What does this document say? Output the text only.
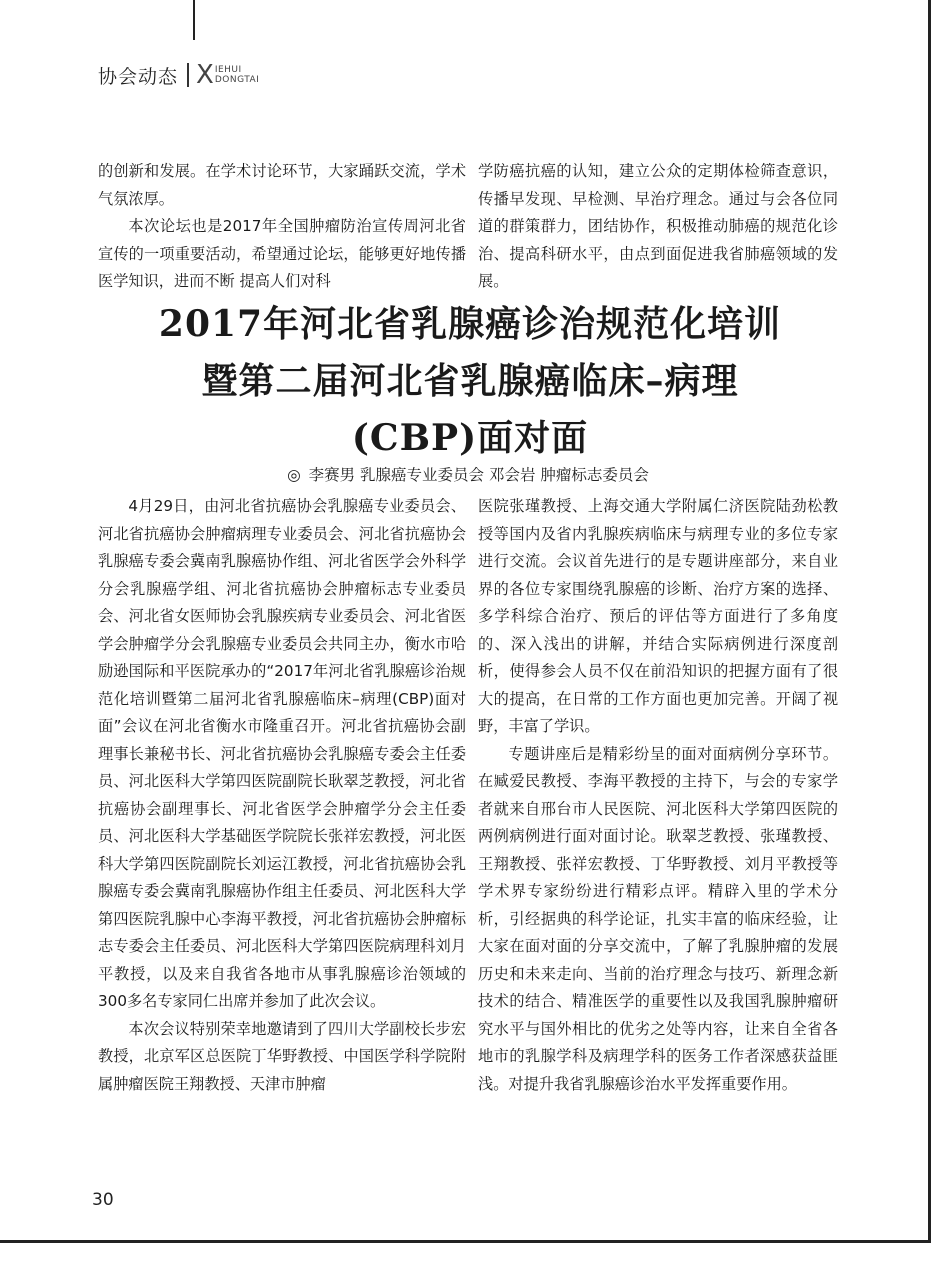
协会动态 X IEHUI
DONGTAI

的创新和发展。在学术讨论环节，大家踊跃交流，学术气氛浓厚。

本次论坛也是2017年全国肿瘤防治宣传周河北省宣传的一项重要活动，希望通过论坛，能够更好地传播医学知识，进而不断 提高人们对科

学防癌抗癌的认知，建立公众的定期体检筛查意识，传播早发现、早检测、早治疗理念。通过与会各位同道的群策群力，团结协作，积极推动肺癌的规范化诊治、提高科研水平，由点到面促进我省肺癌领域的发展。

2017年河北省乳腺癌诊治规范化培训
暨第二届河北省乳腺癌临床–病理
(CBP)面对面
◎ 李赛男 乳腺癌专业委员会 邓会岩 肿瘤标志委员会

4月29日，由河北省抗癌协会乳腺癌专业委员会、河北省抗癌协会肿瘤病理专业委员会、河北省抗癌协会乳腺癌专委会冀南乳腺癌协作组、河北省医学会外科学分会乳腺癌学组、河北省抗癌协会肿瘤标志专业委员会、河北省女医师协会乳腺疾病专业委员会、河北省医学会肿瘤学分会乳腺癌专业委员会共同主办，衡水市哈励逊国际和平医院承办的“2017年河北省乳腺癌诊治规范化培训暨第二届河北省乳腺癌临床–病理(CBP)面对面”会议在河北省衡水市隆重召开。河北省抗癌协会副理事长兼秘书长、河北省抗癌协会乳腺癌专委会主任委员、河北医科大学第四医院副院长耿翠芝教授，河北省抗癌协会副理事长、河北省医学会肿瘤学分会主任委员、河北医科大学基础医学院院长张祥宏教授，河北医科大学第四医院副院长刘运江教授，河北省抗癌协会乳腺癌专委会冀南乳腺癌协作组主任委员、河北医科大学第四医院乳腺中心李海平教授，河北省抗癌协会肿瘤标志专委会主任委员、河北医科大学第四医院病理科刘月平教授，以及来自我省各地市从事乳腺癌诊治领域的300多名专家同仁出席并参加了此次会议。

本次会议特别荣幸地邀请到了四川大学副校长步宏教授，北京军区总医院丁华野教授、中国医学科学院附属肿瘤医院王翔教授、天津市肿瘤

医院张瑾教授、上海交通大学附属仁济医院陆劲松教授等国内及省内乳腺疾病临床与病理专业的多位专家进行交流。会议首先进行的是专题讲座部分，来自业界的各位专家围绕乳腺癌的诊断、治疗方案的选择、多学科综合治疗、预后的评估等方面进行了多角度的、深入浅出的讲解，并结合实际病例进行深度剖析，使得参会人员不仅在前沿知识的把握方面有了很大的提高，在日常的工作方面也更加完善。开阔了视野，丰富了学识。

专题讲座后是精彩纷呈的面对面病例分享环节。在臧爱民教授、李海平教授的主持下，与会的专家学者就来自邢台市人民医院、河北医科大学第四医院的两例病例进行面对面讨论。耿翠芝教授、张瑾教授、王翔教授、张祥宏教授、丁华野教授、刘月平教授等学术界专家纷纷进行精彩点评。精辟入里的学术分析，引经据典的科学论证，扎实丰富的临床经验，让大家在面对面的分享交流中，了解了乳腺肿瘤的发展历史和未来走向、当前的治疗理念与技巧、新理念新技术的结合、精准医学的重要性以及我国乳腺肿瘤研究水平与国外相比的优劣之处等内容，让来自全省各地市的乳腺学科及病理学科的医务工作者深感获益匪浅。对提升我省乳腺癌诊治水平发挥重要作用。

30
